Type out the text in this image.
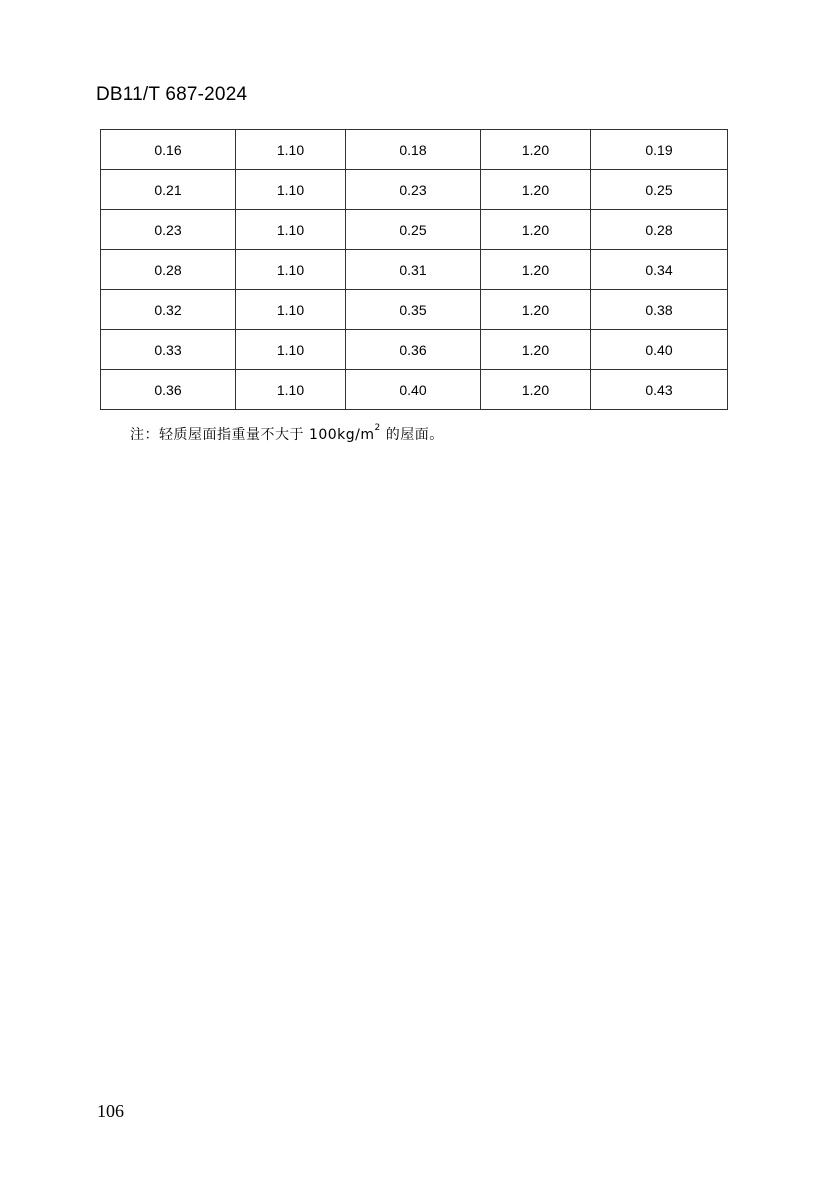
DB11/T 687-2024
0.16	1.10	0.18	1.20	0.19
0.21	1.10	0.23	1.20	0.25
0.23	1.10	0.25	1.20	0.28
0.28	1.10	0.31	1.20	0.34
0.32	1.10	0.35	1.20	0.38
0.33	1.10	0.36	1.20	0.40
0.36	1.10	0.40	1.20	0.43
注：轻质屋面指重量不大于 $100kg/m^2$ 的屋面。
106
